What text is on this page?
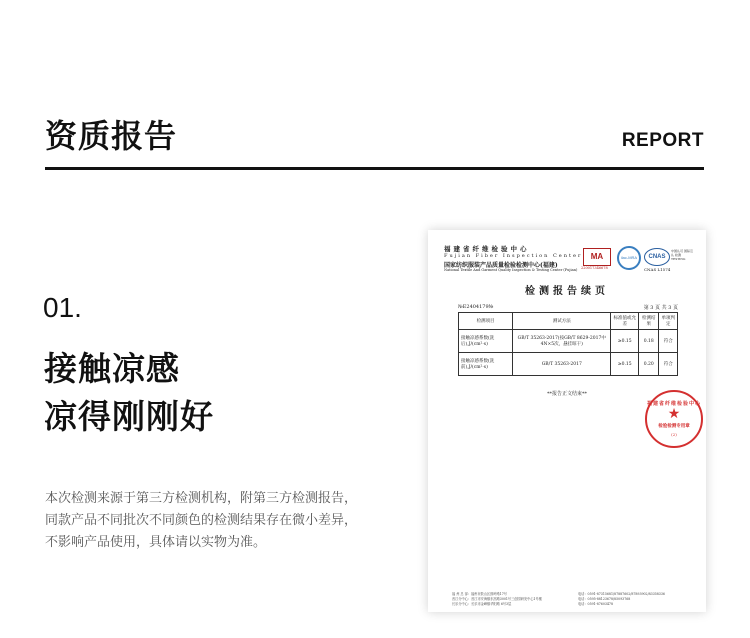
资质报告	REPORT
01.
接触凉感
凉得刚刚好
本次检测来源于第三方检测机构，附第三方检测报告，
同款产品不同批次不同颜色的检测结果存在微小差异，
不影响产品使用，具体请以实物为准。
福建省纤维检验中心
Fujian Fiber Inspection Center
国家纺织服装产品质量检验检测中心(福建)
National Textile And Garment Quality Inspection & Testing Center (Fujian)
MA
220017346678
ilac-MRA	CNAS
中国认可 国际互认 检测 TESTING
CNAS L1574
检测报告续页
№E2404179№	第 3 页 共 3 页
检测项目	测试方法	标准值或允差	检测结果	单项判定
接触凉感系数(洗后),J/(cm²·s)	GB/T 35263-2017(按GB/T 8629-2017中4N×5次，悬挂晾干)	≥0.15	0.18	符合
接触凉感系数(洗前),J/(cm²·s)	GB/T 35263-2017	≥0.15	0.20	符合
**报告正文结束**
福建省纤维检验中心
★
检验检测专用章
(2)
福 州 总 部：福州市鼓山区鼓岭路17号
晋江分中心：晋江市安海镇东嵩路3001号三创园研发中心1号楼
长乐分中心：长乐市金峰镇华阳路 6号3层
电话：0591-87315681/87887602/87893902/83358336
电话：0595-88123678/85093768
电话：0591-87603478
